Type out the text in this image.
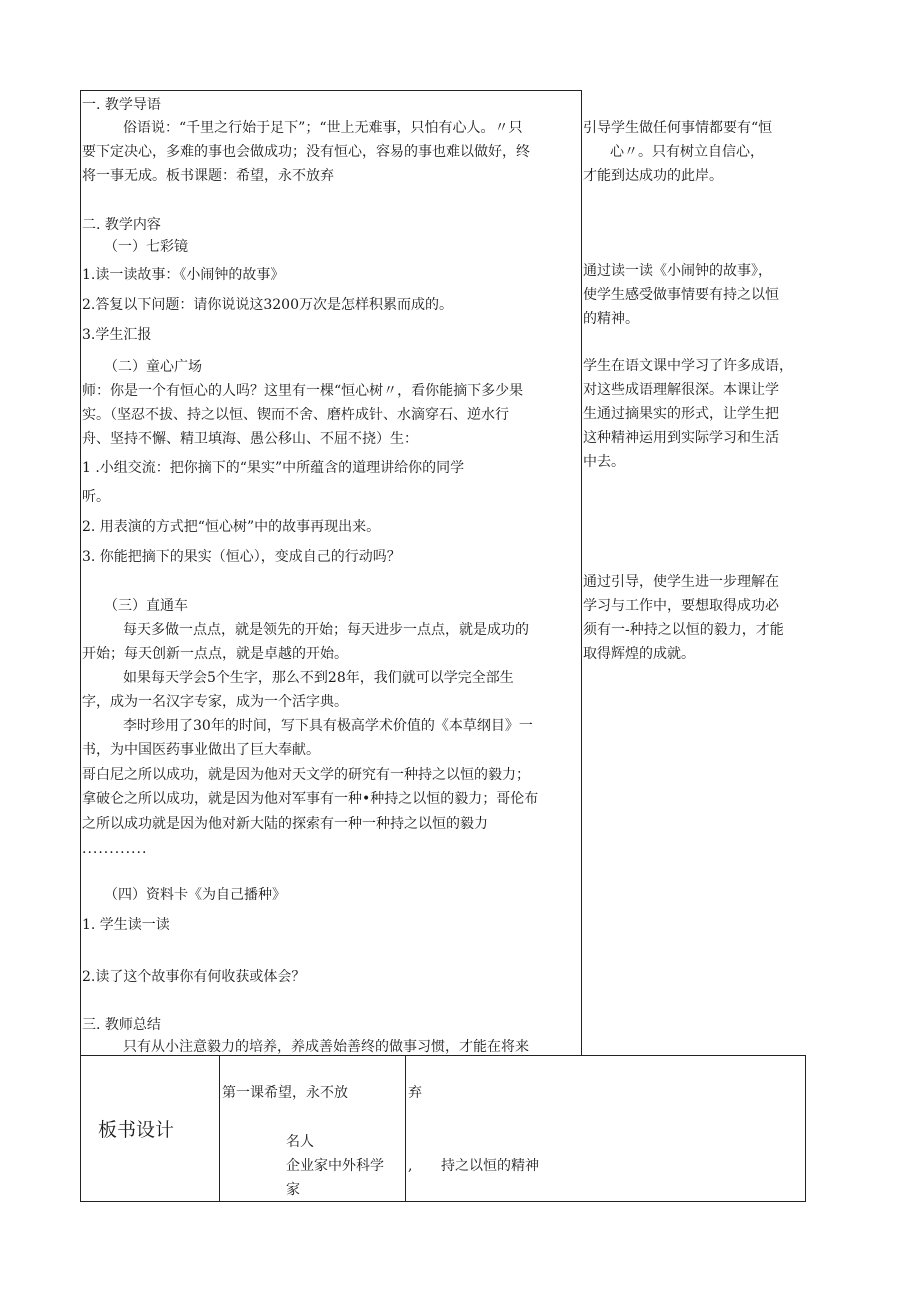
一. 教学导语
俗语说：“千里之行始于足下”；“世上无难事，只怕有心人。〃只
要下定决心，多难的事也会做成功；没有恒心，容易的事也难以做好，终
将一事无成。板书课题：希望，永不放弃
二. 教学内容
（一）七彩镜
1.读一读故事：《小闹钟的故事》
2.答复以下问题：请你说说这3200万次是怎样积累而成的。
3.学生汇报
（二）童心广场
师：你是一个有恒心的人吗？这里有一棵“恒心树〃，看你能摘下多少果
实。（坚忍不拔、持之以恒、锲而不舍、磨杵成针、水滴穿石、逆水行
舟、坚持不懈、精卫填海、愚公移山、不屈不挠）生：
1 .小组交流：把你摘下的“果实”中所蕴含的道理讲给你的同学
听。
2. 用表演的方式把“恒心树”中的故事再现出来。
3. 你能把摘下的果实（恒心），变成自己的行动吗？
（三）直通车
每天多做一点点，就是领先的开始；每天进步一点点，就是成功的
开始；每天创新一点点，就是卓越的开始。
如果每天学会5个生字，那么不到28年，我们就可以学完全部生
字，成为一名汉字专家，成为一个活字典。
李时珍用了30年的时间，写下具有极高学术价值的《本草纲目》一
书，为中国医药事业做出了巨大奉献。
哥白尼之所以成功，就是因为他对天文学的研究有一种持之以恒的毅力；
拿破仑之所以成功，就是因为他对军事有一种•种持之以恒的毅力；哥伦布
之所以成功就是因为他对新大陆的探索有一种一种持之以恒的毅力
............
（四）资料卡《为自己播种》
1. 学生读一读
2.读了这个故事你有何收获或体会？
三. 教师总结
只有从小注意毅力的培养，养成善始善终的做事习惯，才能在将来
引导学生做任何事情都要有“恒
心〃。只有树立自信心，
才能到达成功的此岸。
通过读一读《小闹钟的故事》，
使学生感受做事情要有持之以恒
的精神。
学生在语文课中学习了许多成语，
对这些成语理解很深。本课让学
生通过摘果实的形式，让学生把
这种精神运用到实际学习和生活
中去。
通过引导，使学生进一步理解在
学习与工作中，要想取得成功必
须有一-种持之以恒的毅力，才能
取得辉煌的成就。
板书设计
第一课希望，永不放	弃
名人
企业家中外科学
家
, 持之以恒的精神
